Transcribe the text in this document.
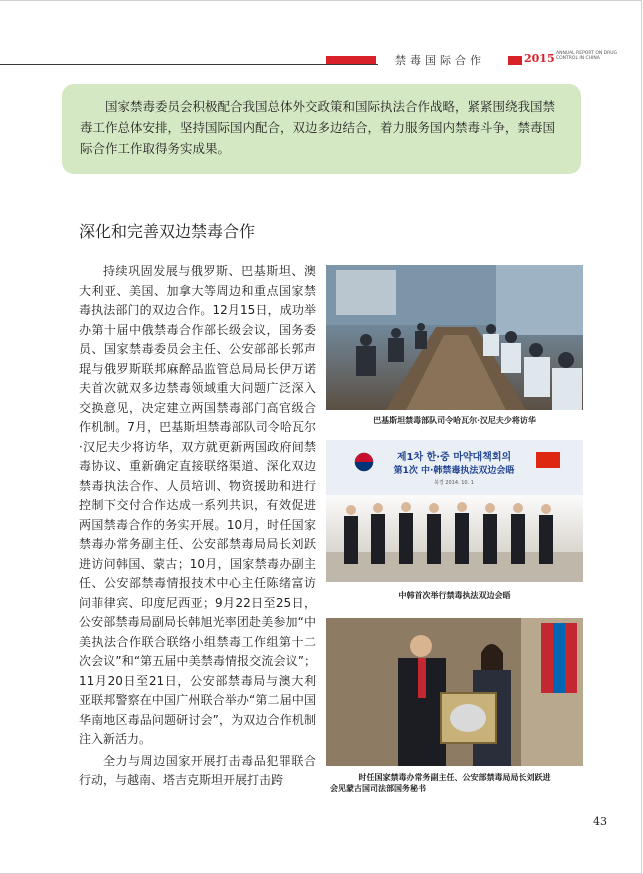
禁毒国际合作	2015 ANNUAL REPORT ON DRUG CONTROL IN CHINA

国家禁毒委员会积极配合我国总体外交政策和国际执法合作战略，紧紧围绕我国禁毒工作总体安排，坚持国际国内配合，双边多边结合，着力服务国内禁毒斗争，禁毒国际合作工作取得务实成果。

深化和完善双边禁毒合作

持续巩固发展与俄罗斯、巴基斯坦、澳大利亚、美国、加拿大等周边和重点国家禁毒执法部门的双边合作。12月15日，成功举办第十届中俄禁毒合作部长级会议，国务委员、国家禁毒委员会主任、公安部部长郭声琨与俄罗斯联邦麻醉品监管总局局长伊万诺夫首次就双多边禁毒领域重大问题广泛深入交换意见，决定建立两国禁毒部门高官级合作机制。7月，巴基斯坦禁毒部队司令哈瓦尔·汉尼夫少将访华，双方就更新两国政府间禁毒协议、重新确定直接联络渠道、深化双边禁毒执法合作、人员培训、物资援助和进行控制下交付合作达成一系列共识，有效促进两国禁毒合作的务实开展。10月，时任国家禁毒办常务副主任、公安部禁毒局局长刘跃进访问韩国、蒙古；10月，国家禁毒办副主任、公安部禁毒情报技术中心主任陈绪富访问菲律宾、印度尼西亚；9月22日至25日，公安部禁毒局副局长韩旭光率团赴美参加“中美执法合作联合联络小组禁毒工作组第十二次会议”和“第五届中美禁毒情报交流会议”；11月20日至21日，公安部禁毒局与澳大利亚联邦警察在中国广州联合举办“第二届中国华南地区毒品问题研讨会”，为双边合作机制注入新活力。

全力与周边国家开展打击毒品犯罪联合行动，与越南、塔吉克斯坦开展打击跨

巴基斯坦禁毒部队司令哈瓦尔·汉尼夫少将访华
제1차 한·중 마약대책회의
第1次 中·韩禁毒执法双边会晤
북경 2014. 10. 1
中韩首次举行禁毒执法双边会晤
时任国家禁毒办常务副主任、公安部禁毒局局长刘跃进
会见蒙古国司法部国务秘书
43
